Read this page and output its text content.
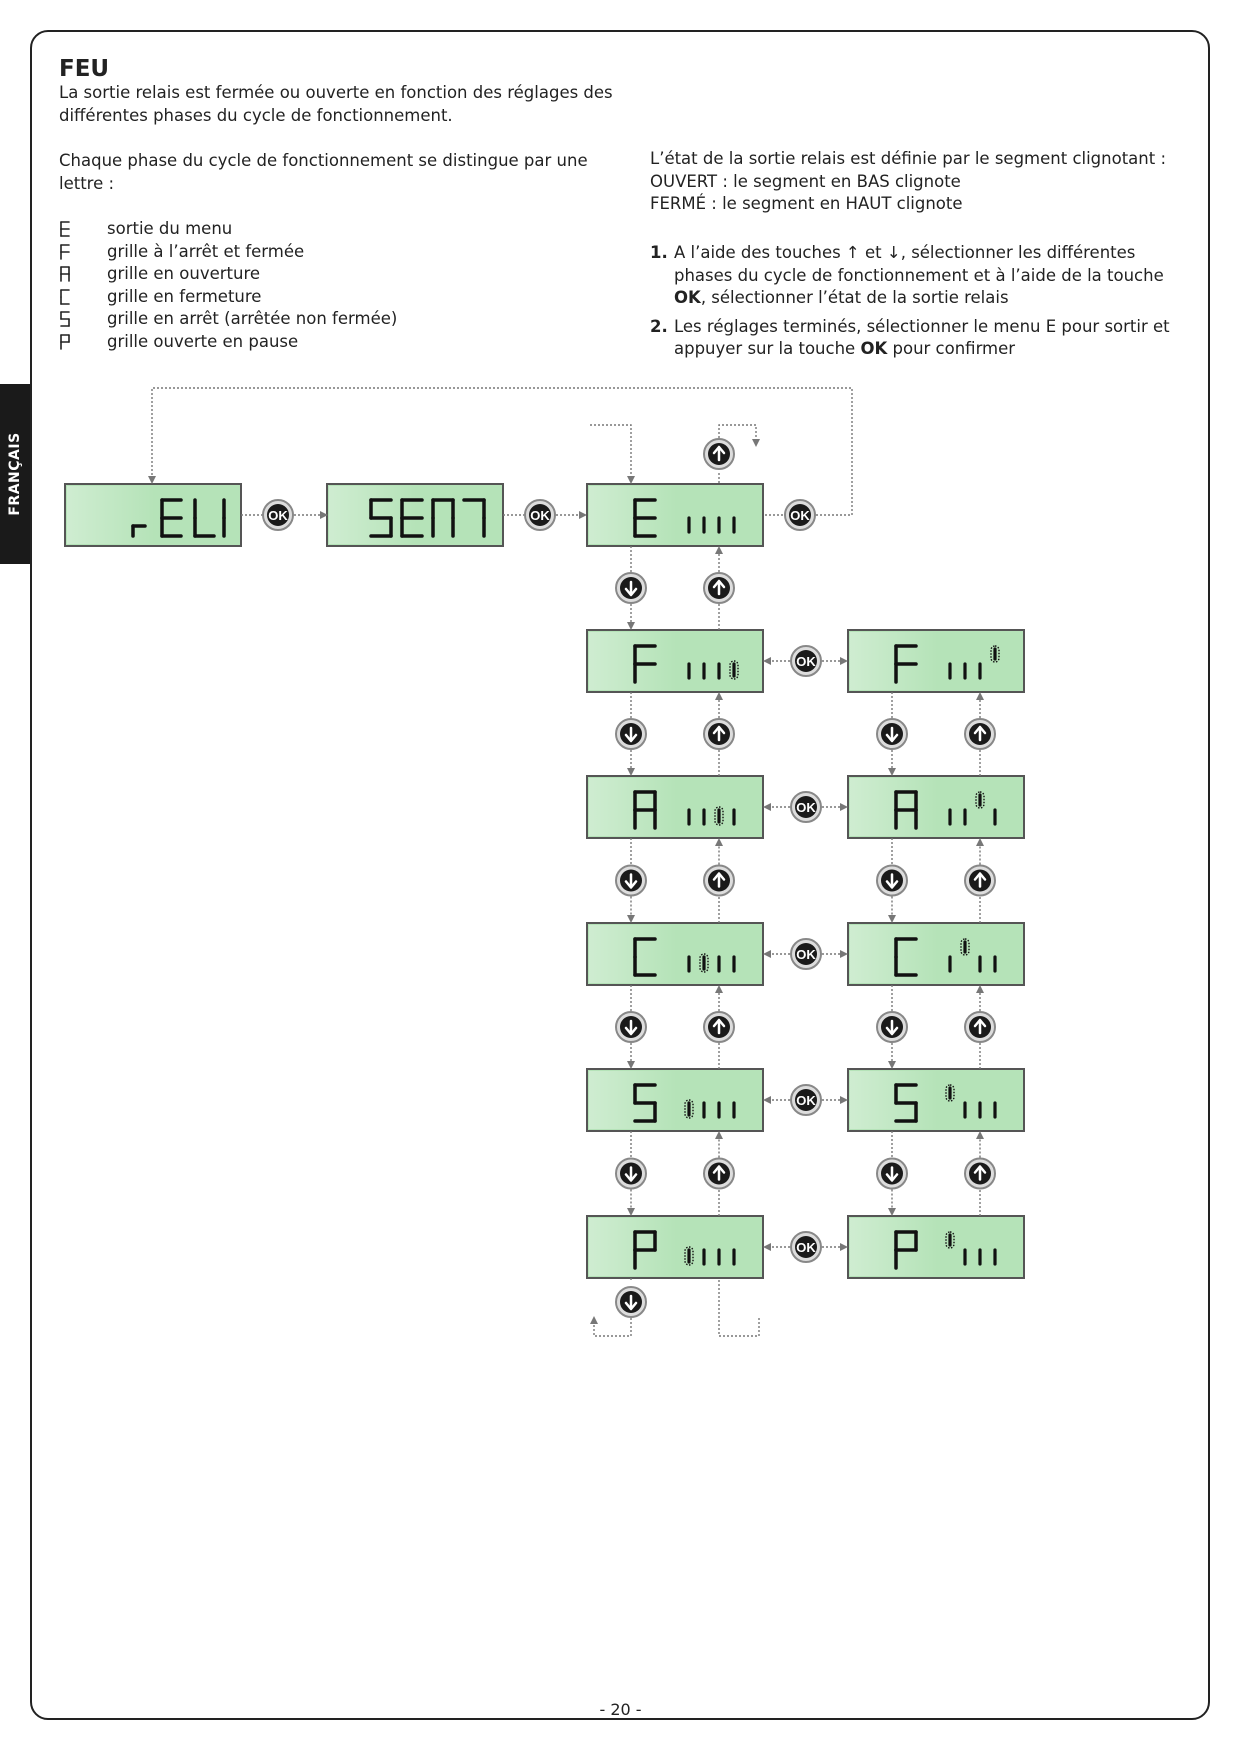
FRANÇAIS
FEU

La sortie relais est fermée ou ouverte en fonction des réglages des
différentes phases du cycle de fonctionnement.

Chaque phase du cycle de fonctionnement se distingue par une
lettre :

sortie du menu
grille à l’arrêt et fermée
grille en ouverture
grille en fermeture
grille en arrêt (arrêtée non fermée)
grille ouverte en pause

L’état de la sortie relais est définie par le segment clignotant :
OUVERT : le segment en BAS clignote
FERMÉ : le segment en HAUT clignote

1. A l’aide des touches ↑ et ↓, sélectionner les différentes phases du cycle de fonctionnement et à l’aide de la touche OK, sélectionner l’état de la sortie relais
2. Les réglages terminés, sélectionner le menu E pour sortir et appuyer sur la touche OK pour confirmer
OK	OK	OK
OK
OK
OK
OK
OK
- 20 -
